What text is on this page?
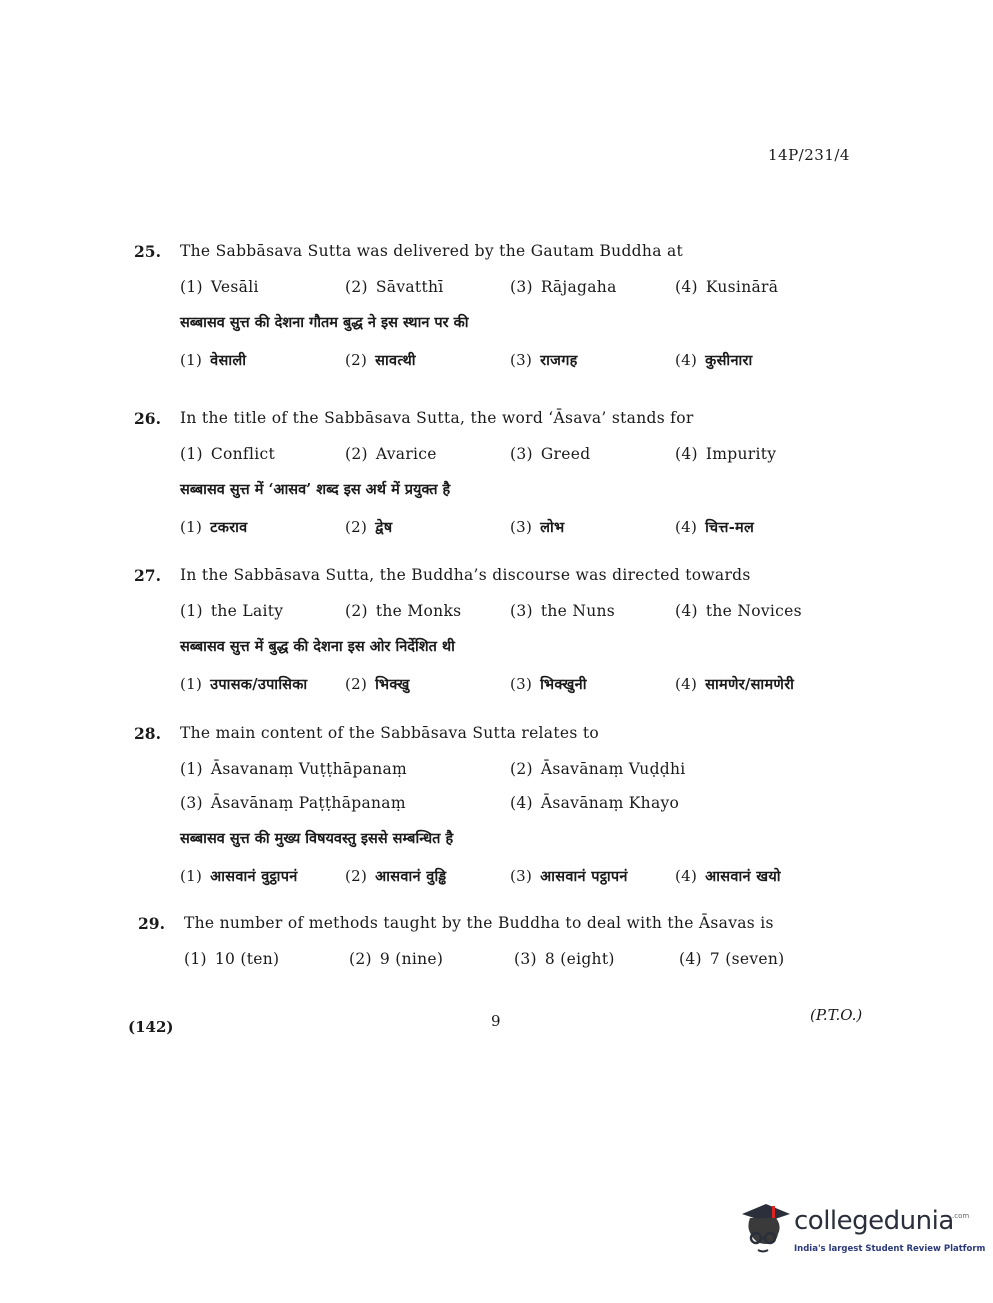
14P/231/4
25. The Sabbāsava Sutta was delivered by the Gautam Buddha at
(1) Vesāli	(2) Sāvatthī	(3) Rājagaha	(4) Kusinārā
सब्बासव सुत्त की देशना गौतम बुद्ध ने इस स्थान पर की
(1) वेसाली	(2) सावत्थी	(3) राजगह	(4) कुसीनारा
26. In the title of the Sabbāsava Sutta, the word ‘Āsava’ stands for
(1) Conflict	(2) Avarice	(3) Greed	(4) Impurity
सब्बासव सुत्त में ‘आसव’ शब्द इस अर्थ में प्रयुक्त है
(1) टकराव	(2) द्वेष	(3) लोभ	(4) चित्त-मल
27. In the Sabbāsava Sutta, the Buddha’s discourse was directed towards
(1) the Laity	(2) the Monks	(3) the Nuns	(4) the Novices
सब्बासव सुत्त में बुद्ध की देशना इस ओर निर्देशित थी
(1) उपासक/उपासिका	(2) भिक्खु	(3) भिक्खुनी	(4) सामणेर/सामणेरी
28. The main content of the Sabbāsava Sutta relates to
(1) Āsavanaṃ Vuṭṭhāpanaṃ	(2) Āsavānaṃ Vuḍḍhi
(3) Āsavānaṃ Paṭṭhāpanaṃ	(4) Āsavānaṃ Khayo
सब्बासव सुत्त की मुख्य विषयवस्तु इससे सम्बन्धित है
(1) आसवानं वुट्ठापनं	(2) आसवानं वुड्ढि	(3) आसवानं पट्ठापनं	(4) आसवानं खयो
29. The number of methods taught by the Buddha to deal with the Āsavas is
(1) 10 (ten)	(2) 9 (nine)	(3) 8 (eight)	(4) 7 (seven)
(142)	9	(P.T.O.)
collegedunia
.com
India's largest Student Review Platform
